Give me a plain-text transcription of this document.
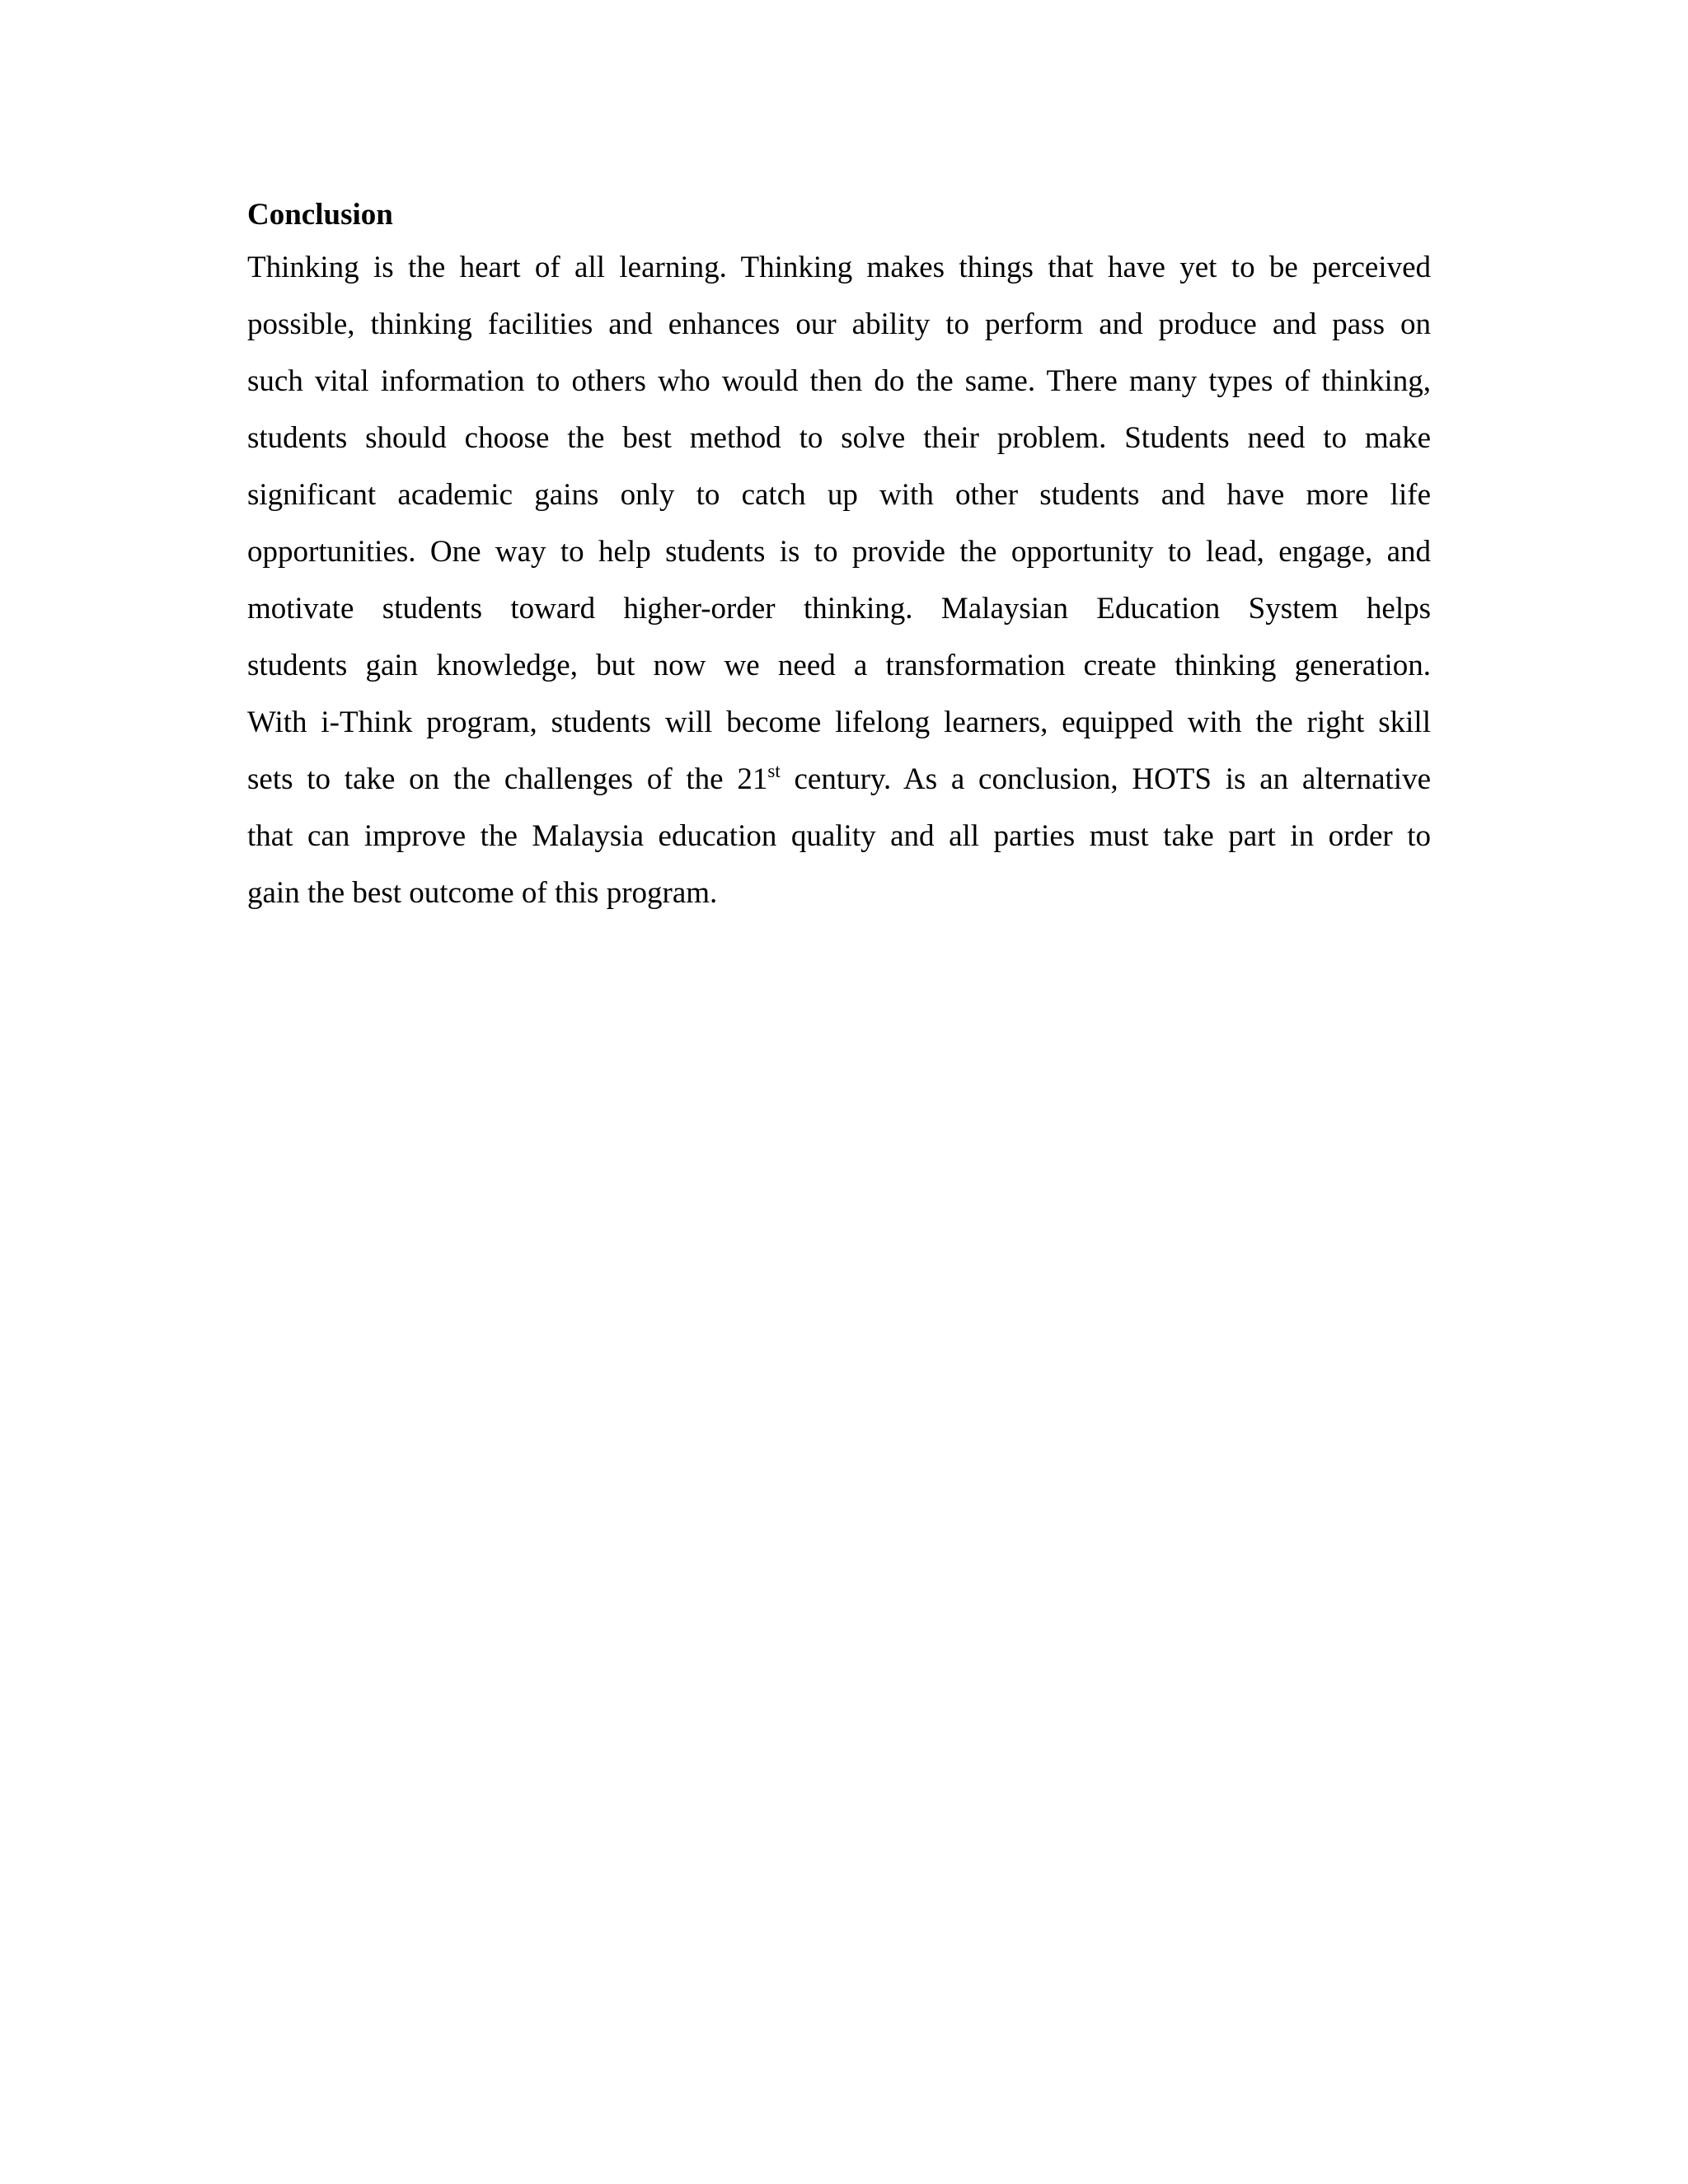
Conclusion
Thinking is the heart of all learning. Thinking makes things that have yet to be perceived
possible, thinking facilities and enhances our ability to perform and produce and pass on
such vital information to others who would then do the same. There many types of thinking,
students should choose the best method to solve their problem. Students need to make
significant academic gains only to catch up with other students and have more life
opportunities. One way to help students is to provide the opportunity to lead, engage, and
motivate students toward higher-order thinking. Malaysian Education System helps
students gain knowledge, but now we need a transformation create thinking generation.
With i-Think program, students will become lifelong learners, equipped with the right skill
sets to take on the challenges of the 21st century. As a conclusion, HOTS is an alternative
that can improve the Malaysia education quality and all parties must take part in order to
gain the best outcome of this program.
